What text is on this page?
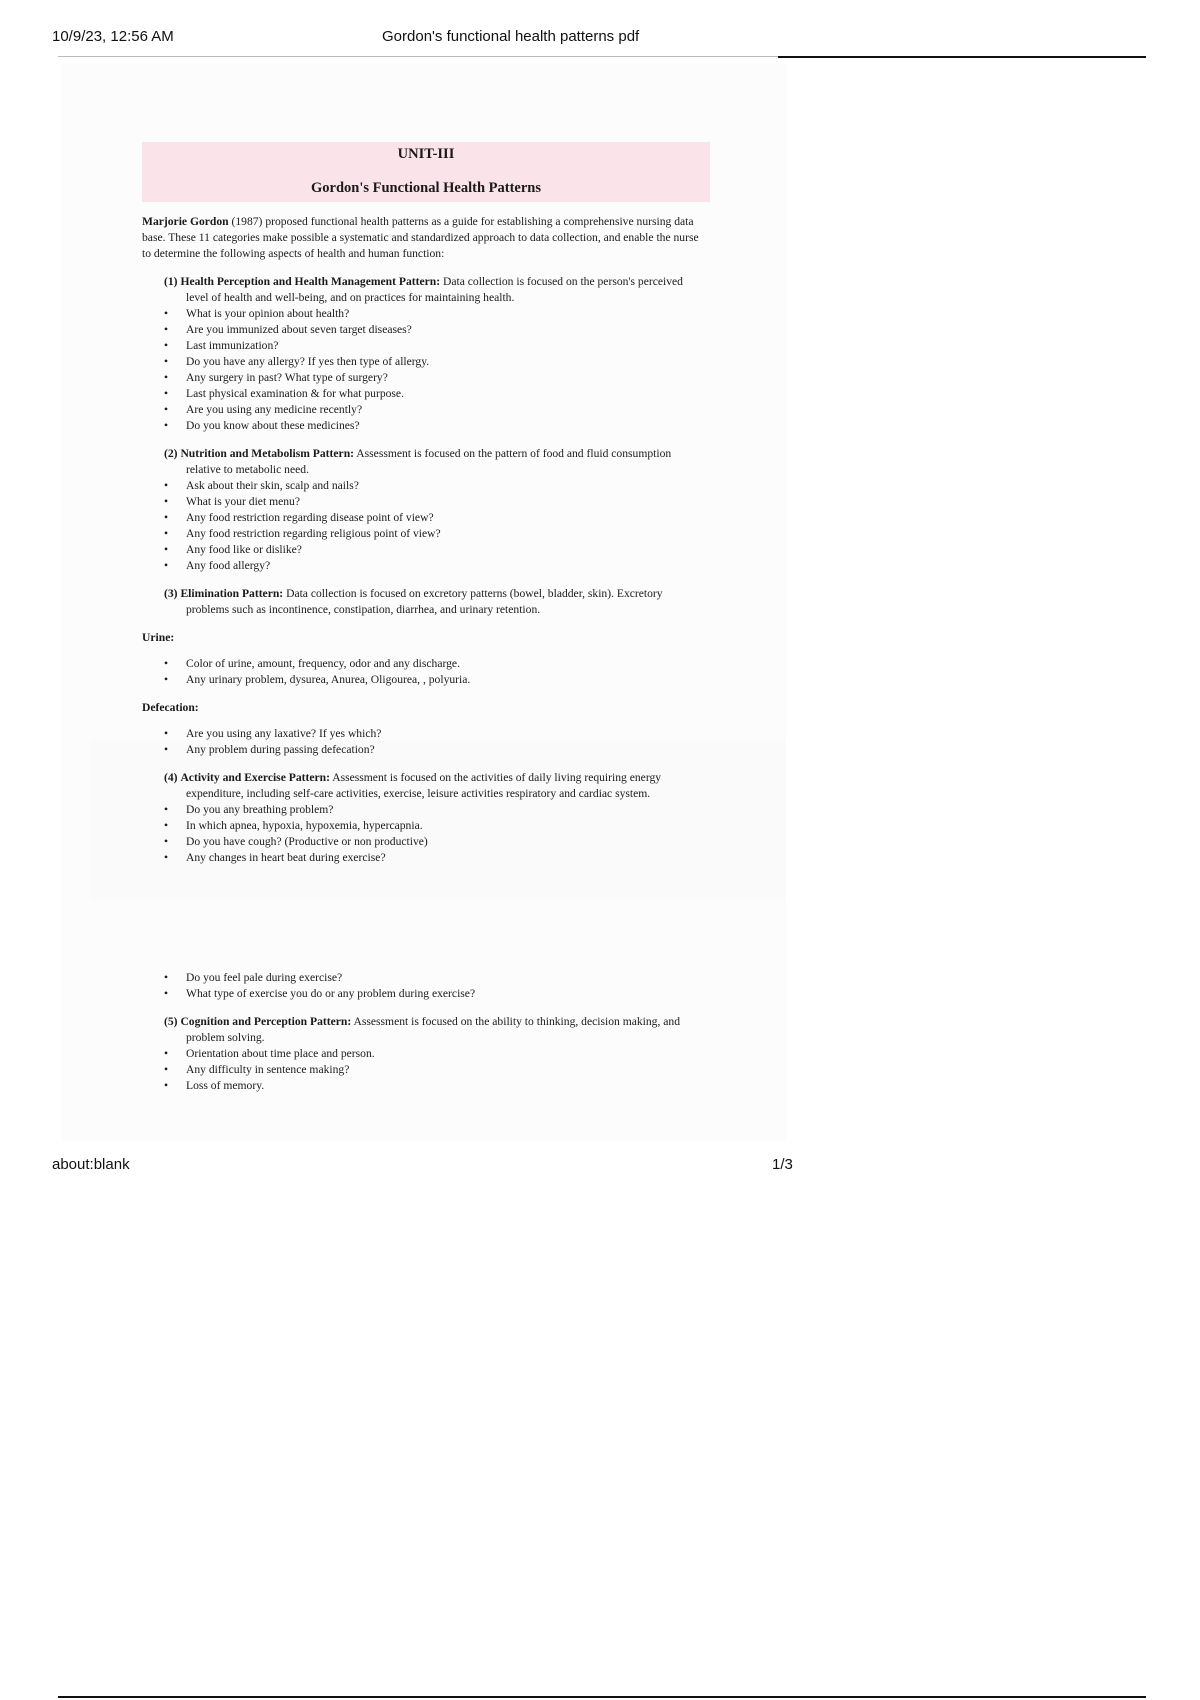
10/9/23, 12:56 AM	Gordon's functional health patterns pdf
UNIT-III
Gordon's Functional Health Patterns
Marjorie Gordon (1987) proposed functional health patterns as a guide for establishing a comprehensive nursing data base. These 11 categories make possible a systematic and standardized approach to data collection, and enable the nurse to determine the following aspects of health and human function:
(1) Health Perception and Health Management Pattern: Data collection is focused on the person's perceived level of health and well-being, and on practices for maintaining health.
• What is your opinion about health?
• Are you immunized about seven target diseases?
• Last immunization?
• Do you have any allergy? If yes then type of allergy.
• Any surgery in past? What type of surgery?
• Last physical examination & for what purpose.
• Are you using any medicine recently?
• Do you know about these medicines?
(2) Nutrition and Metabolism Pattern: Assessment is focused on the pattern of food and fluid consumption relative to metabolic need.
• Ask about their skin, scalp and nails?
• What is your diet menu?
• Any food restriction regarding disease point of view?
• Any food restriction regarding religious point of view?
• Any food like or dislike?
• Any food allergy?
(3) Elimination Pattern: Data collection is focused on excretory patterns (bowel, bladder, skin). Excretory problems such as incontinence, constipation, diarrhea, and urinary retention.
Urine:
• Color of urine, amount, frequency, odor and any discharge.
• Any urinary problem, dysurea, Anurea, Oligourea, , polyuria.
Defecation:
• Are you using any laxative? If yes which?
• Any problem during passing defecation?
(4) Activity and Exercise Pattern: Assessment is focused on the activities of daily living requiring energy expenditure, including self-care activities, exercise, leisure activities respiratory and cardiac system.
• Do you any breathing problem?
• In which apnea, hypoxia, hypoxemia, hypercapnia.
• Do you have cough? (Productive or non productive)
• Any changes in heart beat during exercise?
• Do you feel pale during exercise?
• What type of exercise you do or any problem during exercise?
(5) Cognition and Perception Pattern: Assessment is focused on the ability to thinking, decision making, and problem solving.
• Orientation about time place and person.
• Any difficulty in sentence making?
• Loss of memory.
about:blank	1/3
